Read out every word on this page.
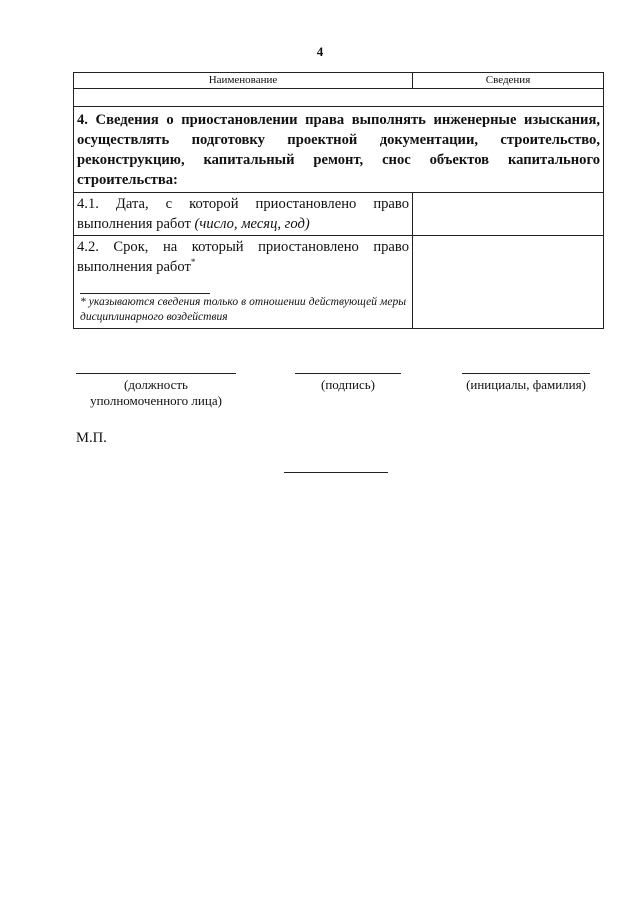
4
Наименование	Сведения

4. Сведения о приостановлении права выполнять инженерные изыскания, осуществлять подготовку проектной документации, строительство, реконструкцию, капитальный ремонт, снос объектов капитального строительства:	
4.1. Дата, с которой приостановлено право выполнения работ (число, месяц, год)	

4.2. Срок, на который приостановлено право выполнения работ*
* указываются сведения только в отношении действующей меры дисциплинарного воздействия	

(должность уполномоченного лица)
(подпись)	(инициалы, фамилия)
М.П.
